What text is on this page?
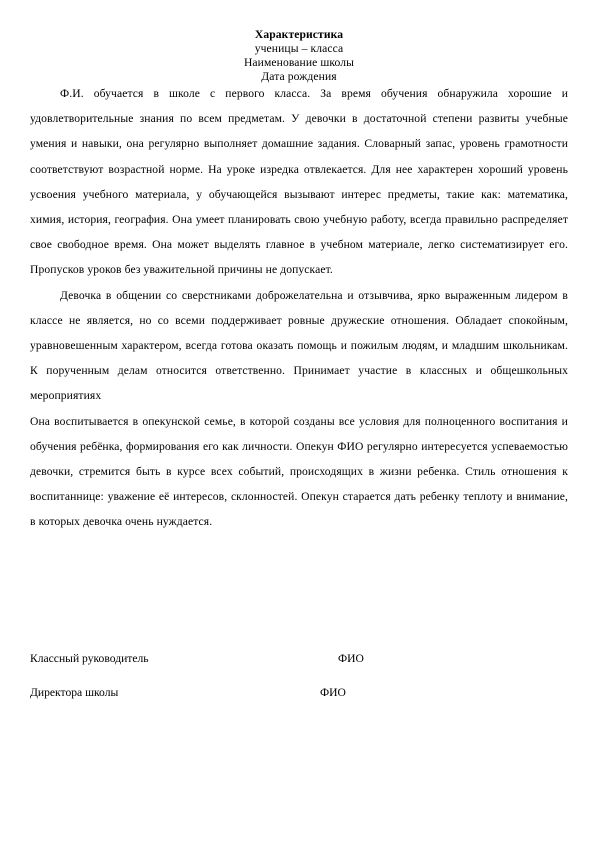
Характеристика
ученицы – класса
Наименование школы
Дата рождения

Ф.И. обучается в школе с первого класса. За время обучения обнаружила хорошие и удовлетворительные знания по всем предметам. У девочки в достаточной степени развиты учебные умения и навыки, она регулярно выполняет домашние задания. Словарный запас, уровень грамотности соответствуют возрастной норме. На уроке изредка отвлекается. Для нее характерен хороший уровень усвоения учебного материала, у обучающейся вызывают интерес предметы, такие как: математика, химия, история, география. Она умеет планировать свою учебную работу, всегда правильно распределяет свое свободное время. Она может выделять главное в учебном материале, легко систематизирует его. Пропусков уроков без уважительной причины не допускает.

Девочка в общении со сверстниками доброжелательна и отзывчива, ярко выраженным лидером в классе не является, но со всеми поддерживает ровные дружеские отношения. Обладает спокойным, уравновешенным характером, всегда готова оказать помощь и пожилым людям, и младшим школьникам. К порученным делам относится ответственно. Принимает участие в классных и общешкольных мероприятиях

Она воспитывается в опекунской семье, в которой созданы все условия для полноценного воспитания и обучения ребёнка, формирования его как личности. Опекун ФИО регулярно интересуется успеваемостью девочки, стремится быть в курсе всех событий, происходящих в жизни ребенка. Стиль отношения к воспитаннице: уважение её интересов, склонностей. Опекун старается дать ребенку теплоту и внимание, в которых девочка очень нуждается.

Классный руководитель	ФИО
Директора школы	ФИО
